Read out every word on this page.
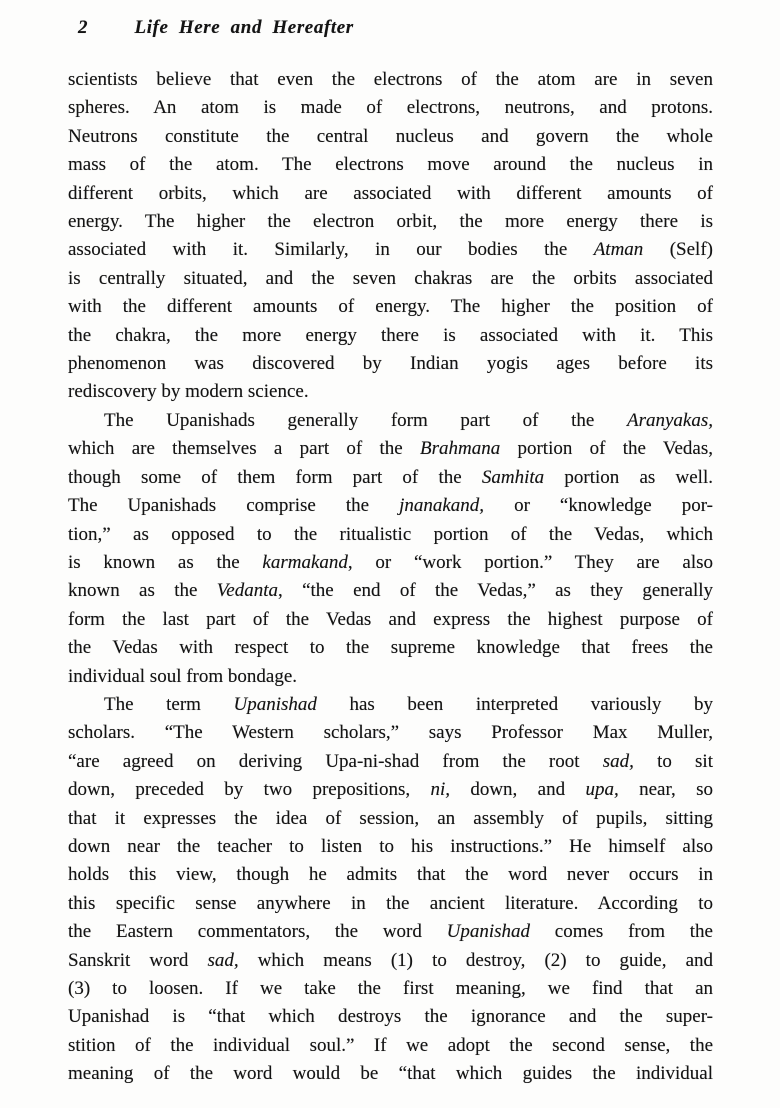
2 Life Here and Hereafter
scientists believe that even the electrons of the atom are in seven
spheres. An atom is made of electrons, neutrons, and protons.
Neutrons constitute the central nucleus and govern the whole
mass of the atom. The electrons move around the nucleus in
different orbits, which are associated with different amounts of
energy. The higher the electron orbit, the more energy there is
associated with it. Similarly, in our bodies the Atman (Self)
is centrally situated, and the seven chakras are the orbits associated
with the different amounts of energy. The higher the position of
the chakra, the more energy there is associated with it. This
phenomenon was discovered by Indian yogis ages before its
rediscovery by modern science.
The Upanishads generally form part of the Aranyakas,
which are themselves a part of the Brahmana portion of the Vedas,
though some of them form part of the Samhita portion as well.
The Upanishads comprise the jnanakand, or “knowledge por-
tion,” as opposed to the ritualistic portion of the Vedas, which
is known as the karmakand, or “work portion.” They are also
known as the Vedanta, “the end of the Vedas,” as they generally
form the last part of the Vedas and express the highest purpose of
the Vedas with respect to the supreme knowledge that frees the
individual soul from bondage.
The term Upanishad has been interpreted variously by
scholars. “The Western scholars,” says Professor Max Muller,
“are agreed on deriving Upa-ni-shad from the root sad, to sit
down, preceded by two prepositions, ni, down, and upa, near, so
that it expresses the idea of session, an assembly of pupils, sitting
down near the teacher to listen to his instructions.” He himself also
holds this view, though he admits that the word never occurs in
this specific sense anywhere in the ancient literature. According to
the Eastern commentators, the word Upanishad comes from the
Sanskrit word sad, which means (1) to destroy, (2) to guide, and
(3) to loosen. If we take the first meaning, we find that an
Upanishad is “that which destroys the ignorance and the super-
stition of the individual soul.” If we adopt the second sense, the
meaning of the word would be “that which guides the individual
